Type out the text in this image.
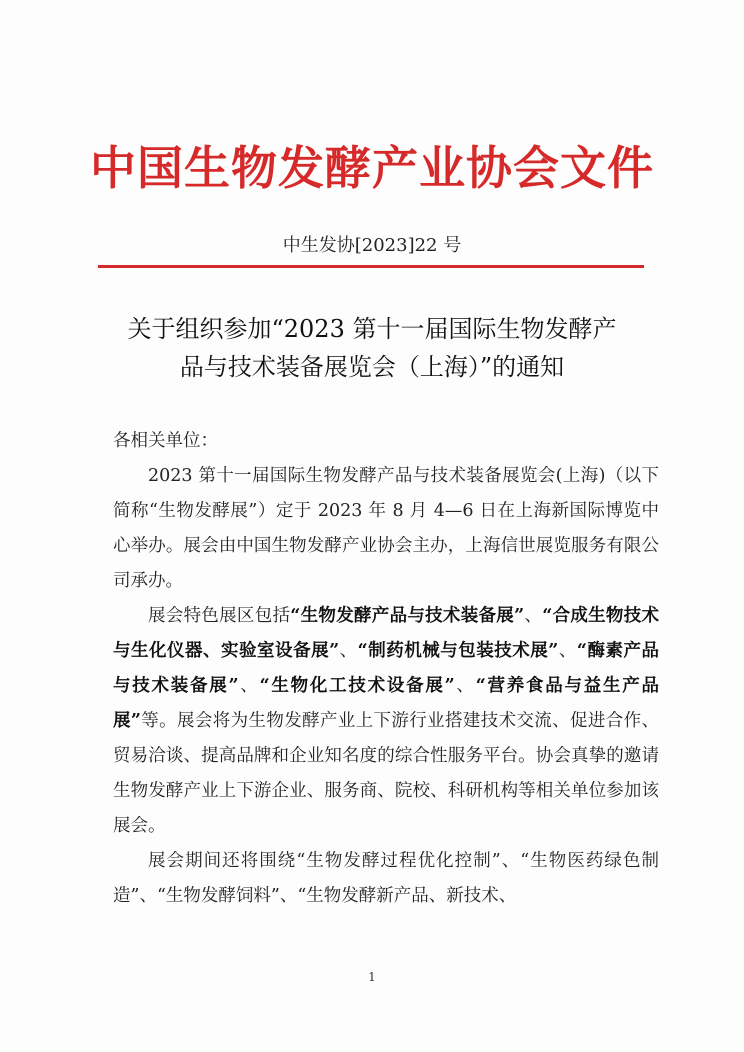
中国生物发酵产业协会文件
中生发协[2023]22 号
关于组织参加“2023 第十一届国际生物发酵产
品与技术装备展览会（上海）”的通知

各相关单位：

2023 第十一届国际生物发酵产品与技术装备展览会(上海)（以下简称“生物发酵展”）定于 2023 年 8 月 4—6 日在上海新国际博览中心举办。展会由中国生物发酵产业协会主办，上海信世展览服务有限公司承办。

展会特色展区包括“生物发酵产品与技术装备展”、“合成生物技术与生化仪器、实验室设备展”、“制药机械与包装技术展”、“酶素产品与技术装备展”、“生物化工技术设备展”、“营养食品与益生产品展”等。展会将为生物发酵产业上下游行业搭建技术交流、促进合作、贸易洽谈、提高品牌和企业知名度的综合性服务平台。协会真挚的邀请生物发酵产业上下游企业、服务商、院校、科研机构等相关单位参加该展会。

展会期间还将围绕“生物发酵过程优化控制”、“生物医药绿色制造”、“生物发酵饲料”、“生物发酵新产品、新技术、

1
